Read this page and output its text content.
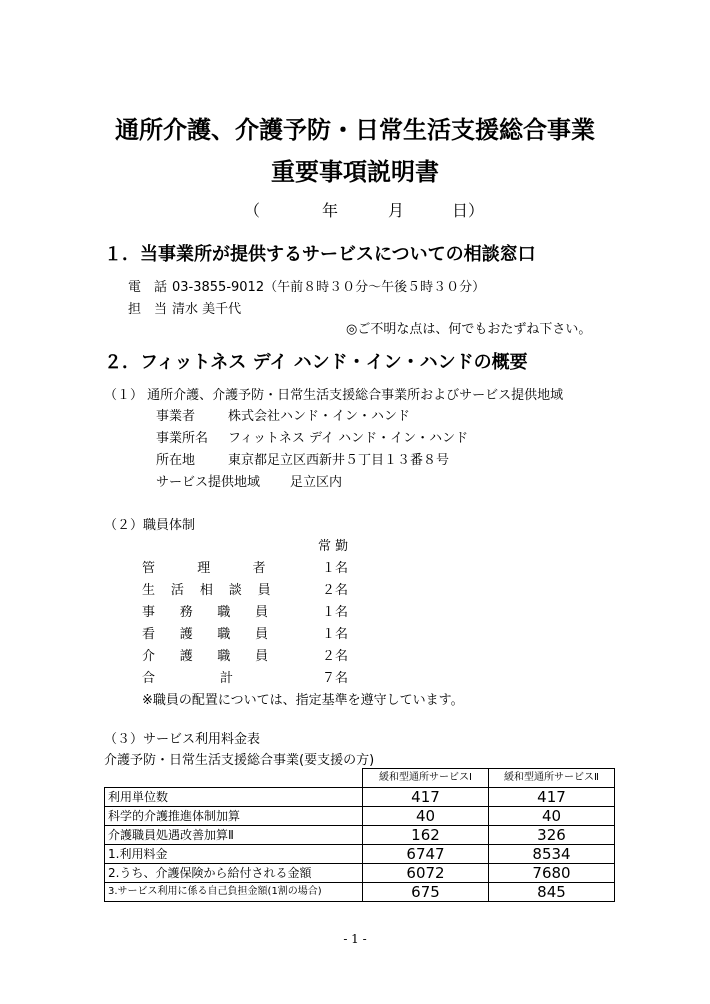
通所介護、介護予防・日常生活支援総合事業
重要事項説明書
（	年	月	日）
１．当事業所が提供するサービスについての相談窓口
電　話 03-3855-9012（午前８時３０分～午後５時３０分）
担　当 清水 美千代
◎ご不明な点は、何でもおたずね下さい。
２．フィットネス デイ ハンド・イン・ハンドの概要
（１） 通所介護、介護予防・日常生活支援総合事業所およびサービス提供地域
事業者	株式会社ハンド・イン・ハンド
事業所名 フィットネス デイ ハンド・イン・ハンド
所在地	東京都足立区西新井５丁目１３番８号
サービス提供地域 足立区内
（２）職員体制
常 勤
管理者	１名
生活相談員	２名
事務職員	１名
看護職員	１名
介護職員	２名
合計 ７名
※職員の配置については、指定基準を遵守しています。
（３）サービス利用料金表
介護予防・日常生活支援総合事業(要支援の方)
	緩和型通所サービスⅠ	緩和型通所サービスⅡ
利用単位数	417	417
科学的介護推進体制加算	40	40
介護職員処遇改善加算Ⅱ	162	326
1.利用料金	6747	8534
2.うち、介護保険から給付される金額	6072	7680
3.サービス利用に係る自己負担金額(1割の場合)	675	845
- 1 -
